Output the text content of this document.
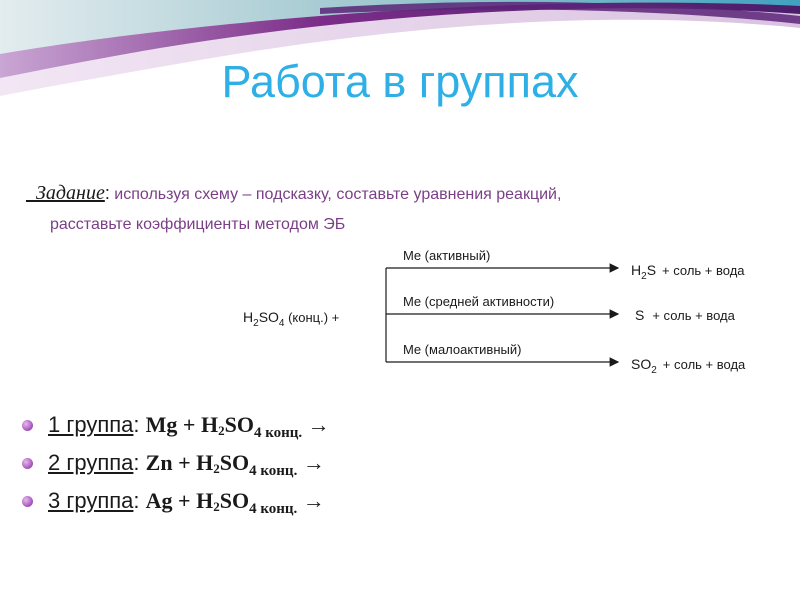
Работа в группах
Задание: используя схему – подсказку, составьте уравнения реакций,
расставьте коэффициенты методом ЭБ
$H_2SO_4$ (конц.) +
Me (активный)
$H_2S$ + соль + вода
Me (средней активности)
S + соль + вода
Me (малоактивный)
$SO_2$ + соль + вода
1 группа: $Mg + H2SO_{4 конц.}$ →
2 группа: $Zn + H2SO_{4 конц.}$ →
3 группа: $Ag + H2SO_{4 конц.}$ →
